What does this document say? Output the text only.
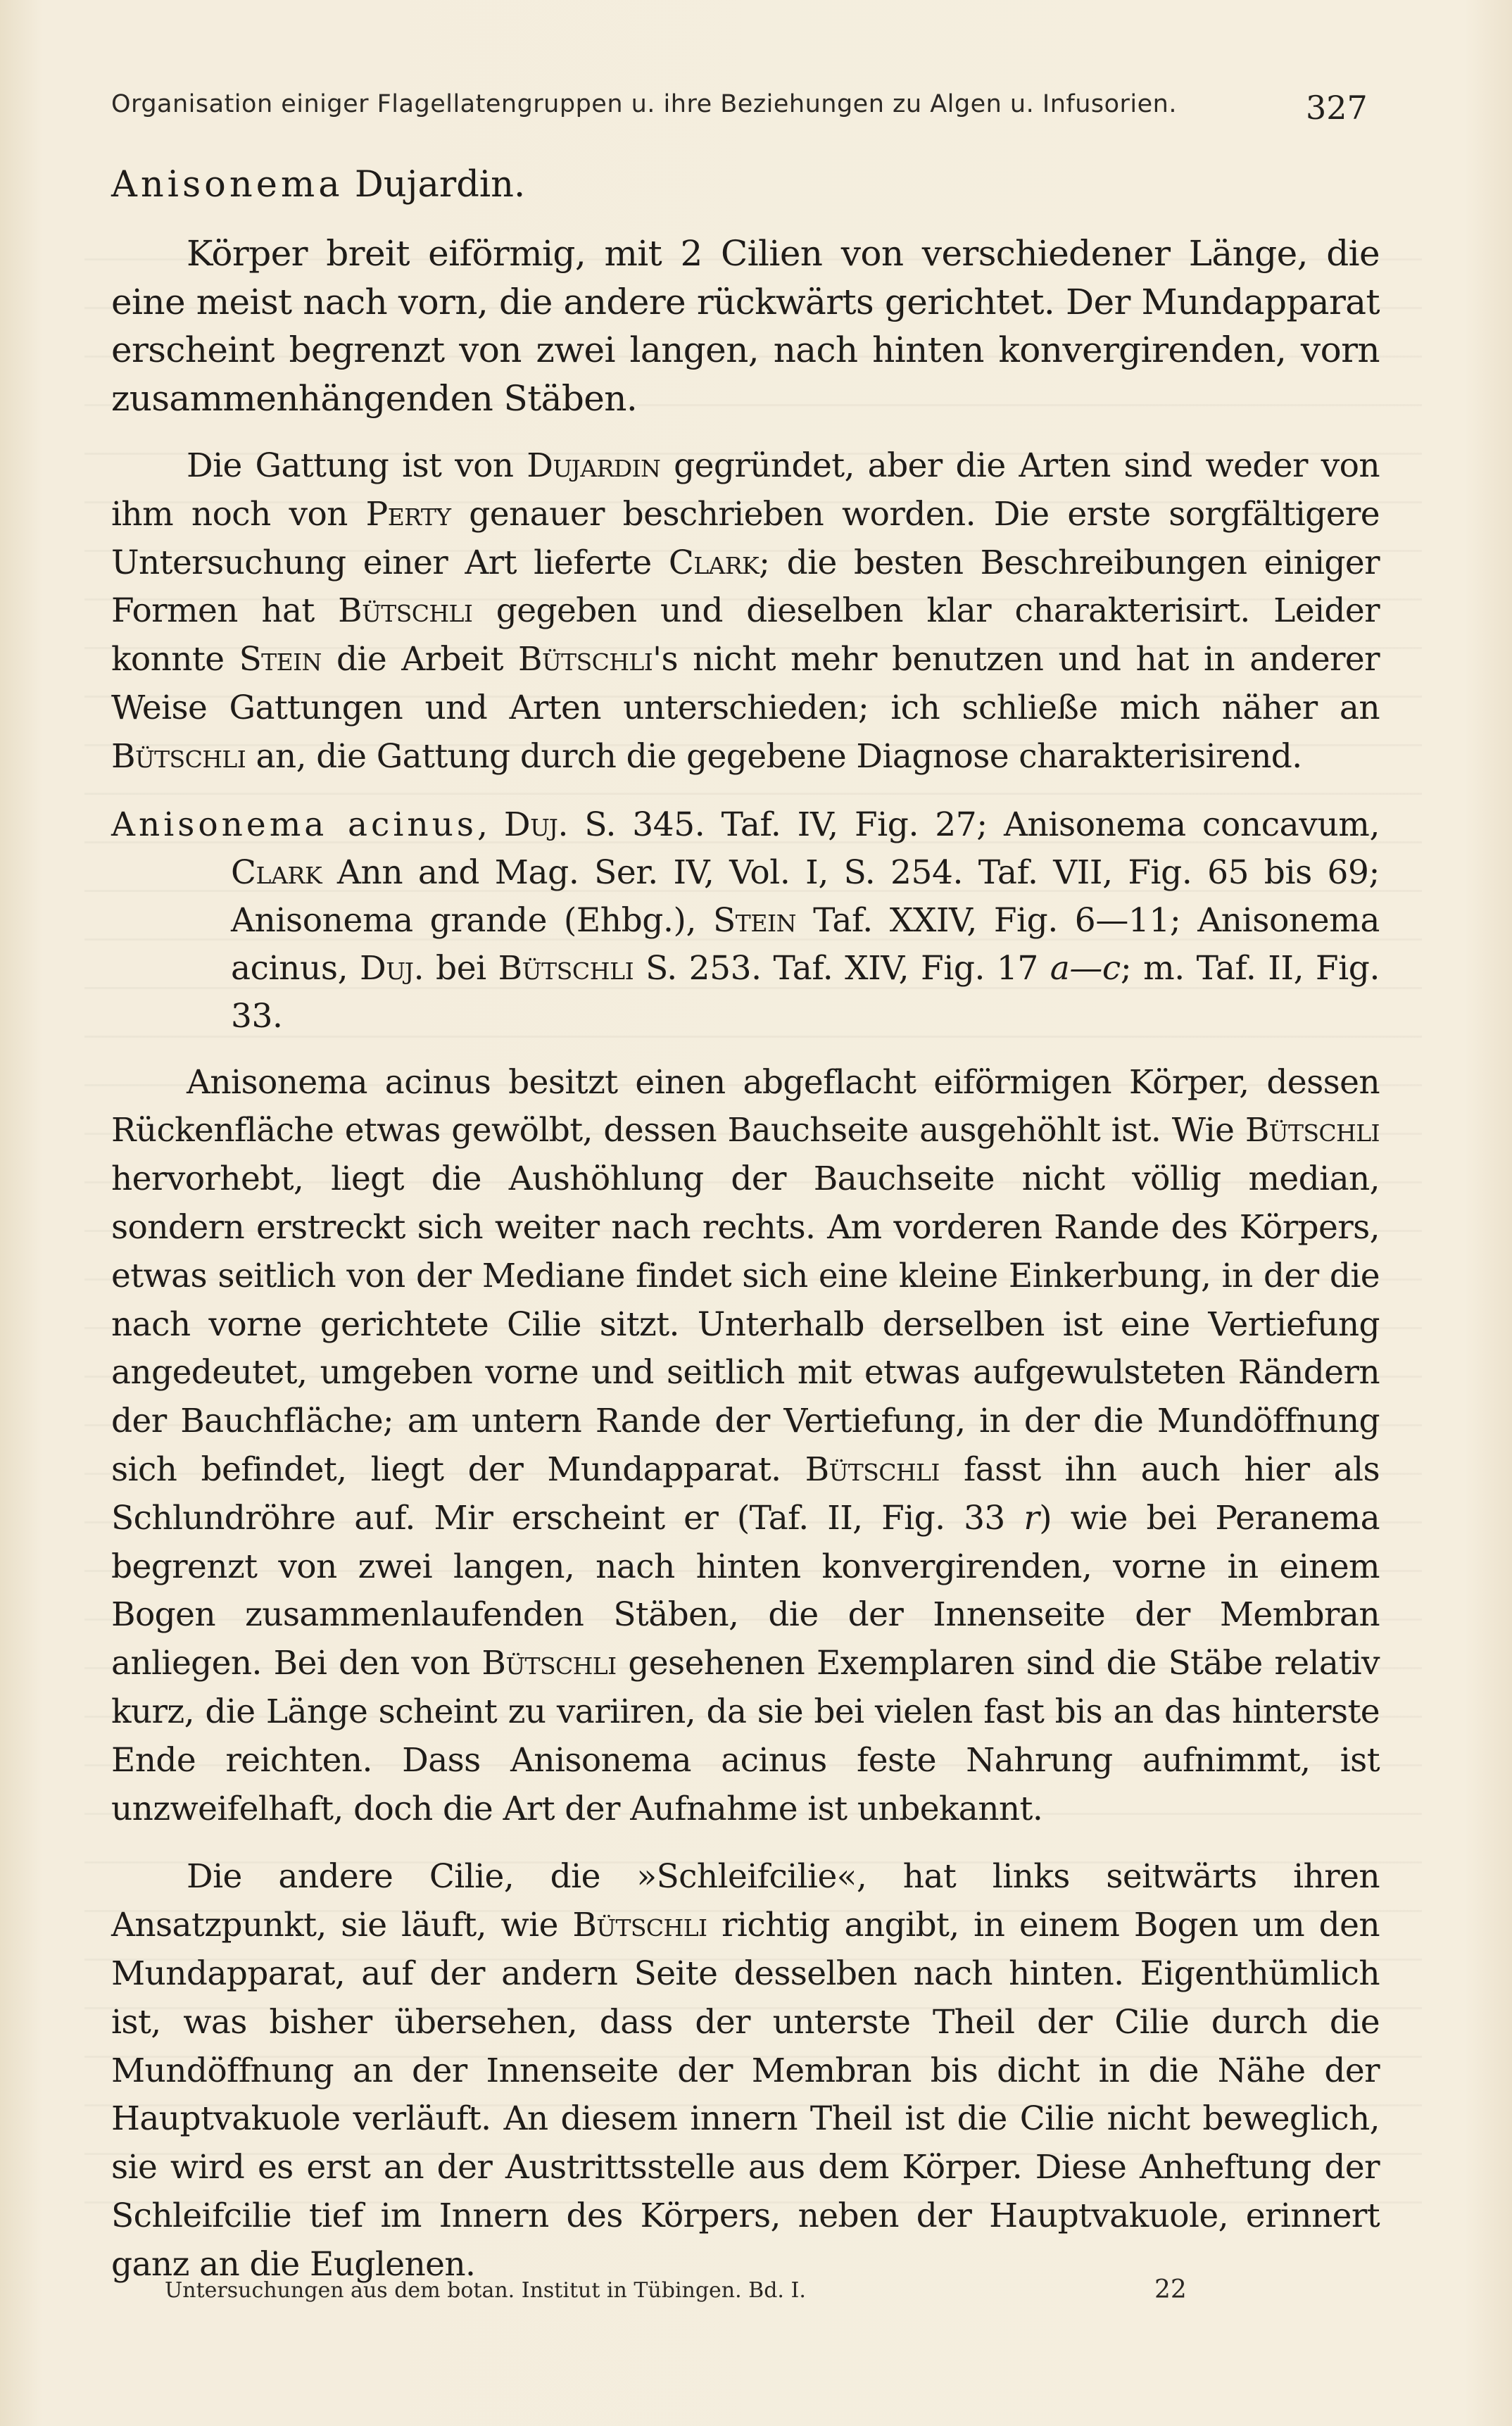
Organisation einiger Flagellatengruppen u. ihre Beziehungen zu Algen u. Infusorien.	327

Anisonema Dujardin.

Körper breit eiförmig, mit 2 Cilien von verschiedener Länge, die eine meist nach vorn, die andere rückwärts gerichtet. Der Mundapparat erscheint begrenzt von zwei langen, nach hinten konvergirenden, vorn zusammenhängenden Stäben.

Die Gattung ist von Dujardin gegründet, aber die Arten sind weder von ihm noch von Perty genauer beschrieben worden. Die erste sorgfältigere Untersuchung einer Art lieferte Clark; die besten Beschreibungen einiger Formen hat Bütschli gegeben und dieselben klar charakterisirt. Leider konnte Stein die Arbeit Bütschli's nicht mehr benutzen und hat in anderer Weise Gattungen und Arten unterschieden; ich schließe mich näher an Bütschli an, die Gattung durch die gegebene Diagnose charakterisirend.

Anisonema acinus, Duj. S. 345. Taf. IV, Fig. 27; Anisonema concavum, Clark Ann and Mag. Ser. IV, Vol. I, S. 254. Taf. VII, Fig. 65 bis 69; Anisonema grande (Ehbg.), Stein Taf. XXIV, Fig. 6—11; Anisonema acinus, Duj. bei Bütschli S. 253. Taf. XIV, Fig. 17 a—c; m. Taf. II, Fig. 33.

Anisonema acinus besitzt einen abgeflacht eiförmigen Körper, dessen Rückenfläche etwas gewölbt, dessen Bauchseite ausgehöhlt ist. Wie Bütschli hervorhebt, liegt die Aushöhlung der Bauchseite nicht völlig median, sondern erstreckt sich weiter nach rechts. Am vorderen Rande des Körpers, etwas seitlich von der Mediane findet sich eine kleine Einkerbung, in der die nach vorne gerichtete Cilie sitzt. Unterhalb derselben ist eine Vertiefung angedeutet, umgeben vorne und seitlich mit etwas aufgewulsteten Rändern der Bauchfläche; am untern Rande der Vertiefung, in der die Mundöffnung sich befindet, liegt der Mundapparat. Bütschli fasst ihn auch hier als Schlundröhre auf. Mir erscheint er (Taf. II, Fig. 33 r) wie bei Peranema begrenzt von zwei langen, nach hinten konvergirenden, vorne in einem Bogen zusammenlaufenden Stäben, die der Innenseite der Membran anliegen. Bei den von Bütschli gesehenen Exemplaren sind die Stäbe relativ kurz, die Länge scheint zu variiren, da sie bei vielen fast bis an das hinterste Ende reichten. Dass Anisonema acinus feste Nahrung aufnimmt, ist unzweifelhaft, doch die Art der Aufnahme ist unbekannt.

Die andere Cilie, die »Schleifcilie«, hat links seitwärts ihren Ansatzpunkt, sie läuft, wie Bütschli richtig angibt, in einem Bogen um den Mundapparat, auf der andern Seite desselben nach hinten. Eigenthümlich ist, was bisher übersehen, dass der unterste Theil der Cilie durch die Mundöffnung an der Innenseite der Membran bis dicht in die Nähe der Hauptvakuole verläuft. An diesem innern Theil ist die Cilie nicht beweglich, sie wird es erst an der Austrittsstelle aus dem Körper. Diese Anheftung der Schleifcilie tief im Innern des Körpers, neben der Hauptvakuole, erinnert ganz an die Euglenen.

Untersuchungen aus dem botan. Institut in Tübingen. Bd. I.	22
